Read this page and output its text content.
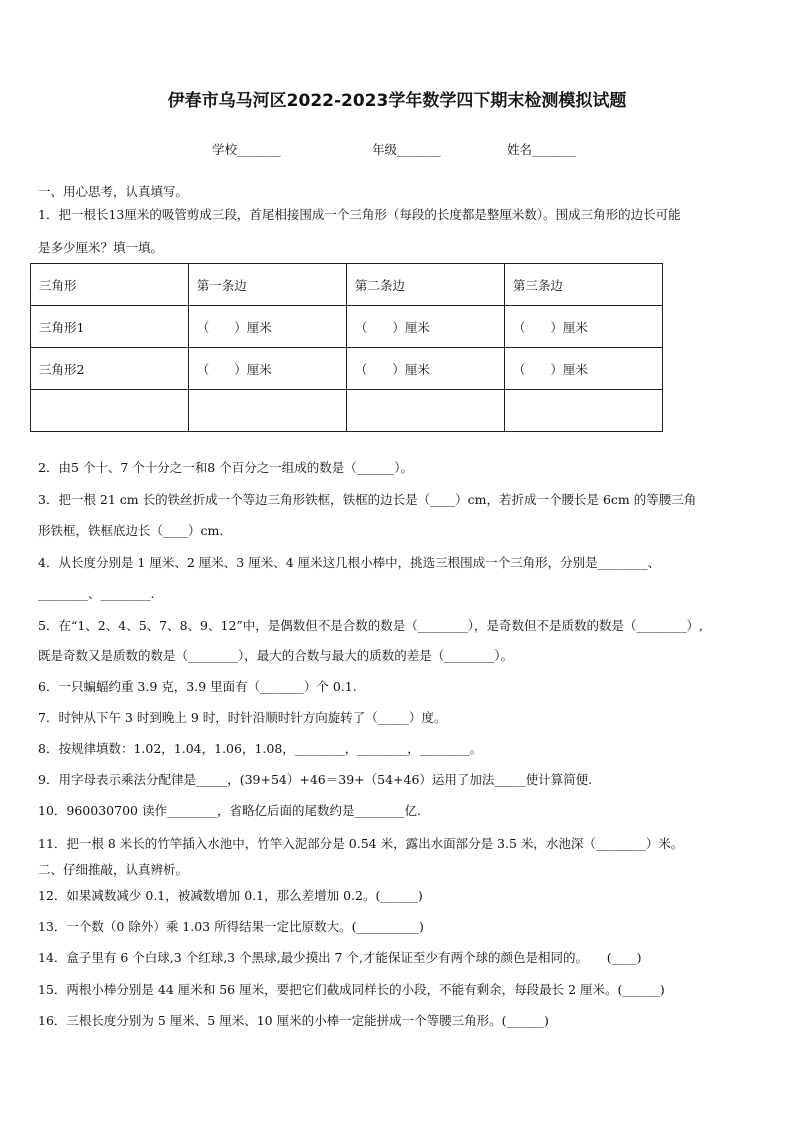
伊春市乌马河区2022-2023学年数学四下期末检测模拟试题
学校_______	年级_______	姓名_______
一、用心思考，认真填写。
1．把一根长13厘米的吸管剪成三段，首尾相接围成一个三角形（每段的长度都是整厘米数）。围成三角形的边长可能
是多少厘米？填一填。
三角形	第一条边	第二条边	第三条边
三角形1	（　　）厘米	（　　）厘米	（　　）厘米
三角形2	（　　）厘米	（　　）厘米	（　　）厘米

2．由5 个十、7 个十分之一和8 个百分之一组成的数是（______）。
3．把一根 21 cm 长的铁丝折成一个等边三角形铁框，铁框的边长是（____）cm，若折成一个腰长是 6cm 的等腰三角
形铁框，铁框底边长（____）cm.
4．从长度分别是 1 厘米、2 厘米、3 厘米、4 厘米这几根小棒中，挑选三根围成一个三角形，分别是________、
________、________.
5．在“1、2、4、5、7、8、9、12”中，是偶数但不是合数的数是（________），是奇数但不是质数的数是（________）,
既是奇数又是质数的数是（________），最大的合数与最大的质数的差是（________）。
6．一只蝙蝠约重 3.9 克，3.9 里面有（_______）个 0.1.
7．时钟从下午 3 时到晚上 9 时，时针沿顺时针方向旋转了（_____）度。
8．按规律填数：1.02，1.04，1.06，1.08，________，________，________。
9．用字母表示乘法分配律是_____，(39+54）+46＝39+（54+46）运用了加法_____使计算简便.
10．960030700 读作________，省略亿后面的尾数约是________亿.
11．把一根 8 米长的竹竿插入水池中，竹竿入泥部分是 0.54 米，露出水面部分是 3.5 米，水池深（________）米。
二、仔细推敲，认真辨析。
12．如果减数减少 0.1，被减数增加 0.1，那么差增加 0.2。(______)
13．一个数（0 除外）乘 1.03 所得结果一定比原数大。(__________)
14．盒子里有 6 个白球,3 个红球,3 个黑球,最少摸出 7 个,才能保证至少有两个球的颜色是相同的。　　(____)
15．两根小棒分别是 44 厘米和 56 厘米，要把它们截成同样长的小段，不能有剩余，每段最长 2 厘米。(______)
16．三根长度分别为 5 厘米、5 厘米、10 厘米的小棒一定能拼成一个等腰三角形。(______)
